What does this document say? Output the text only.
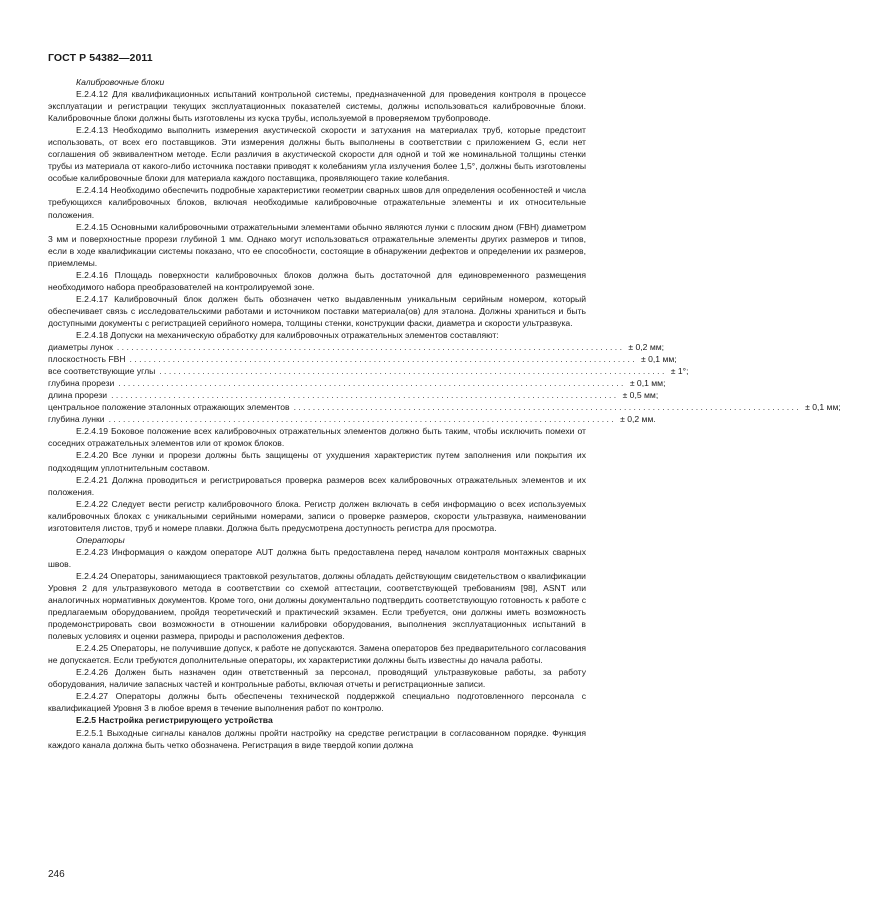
ГОСТ Р 54382—2011

Калибровочные блоки

Е.2.4.12 Для квалификационных испытаний контрольной системы, предназначенной для проведения контроля в процессе эксплуатации и регистрации текущих эксплуатационных показателей системы, должны использоваться калибровочные блоки. Калибровочные блоки должны быть изготовлены из куска трубы, используемой в проверяемом трубопроводе.

Е.2.4.13 Необходимо выполнить измерения акустической скорости и затухания на материалах труб, которые предстоит использовать, от всех его поставщиков. Эти измерения должны быть выполнены в соответствии с приложением G, если нет соглашения об эквивалентном методе. Если различия в акустической скорости для одной и той же номинальной толщины стенки трубы из материала от какого-либо источника поставки приводят к колебаниям угла излучения более 1,5°, должны быть изготовлены особые калибровочные блоки для материала каждого поставщика, проявляющего такие колебания.

Е.2.4.14 Необходимо обеспечить подробные характеристики геометрии сварных швов для определения особенностей и числа требующихся калибровочных блоков, включая необходимые калибровочные отражательные элементы и их относительные положения.

Е.2.4.15 Основными калибровочными отражательными элементами обычно являются лунки с плоским дном (FBH) диаметром 3 мм и поверхностные прорези глубиной 1 мм. Однако могут использоваться отражательные элементы других размеров и типов, если в ходе квалификации системы показано, что ее способности, состоящие в обнаружении дефектов и определении их размеров, приемлемы.

Е.2.4.16 Площадь поверхности калибровочных блоков должна быть достаточной для единовременного размещения необходимого набора преобразователей на контролируемой зоне.

Е.2.4.17 Калибровочный блок должен быть обозначен четко выдавленным уникальным серийным номером, который обеспечивает связь с исследовательскими работами и источником поставки материала(ов) для эталона. Должны храниться и быть доступными документы с регистрацией серийного номера, толщины стенки, конструкции фаски, диаметра и скорости ультразвука.

Е.2.4.18 Допуски на механическую обработку для калибровочных отражательных элементов составляют:

диаметры лунок .......................................................................................................... ± 0,2 мм;
плоскостность FBH .......................................................................................................... ± 0,1 мм;
все соответствующие углы .......................................................................................................... ± 1°;
глубина прорези .......................................................................................................... ± 0,1 мм;
длина прорези .......................................................................................................... ± 0,5 мм;
центральное положение эталонных отражающих элементов .......................................................................................................... ± 0,1 мм;
глубина лунки .......................................................................................................... ± 0,2 мм.

Е.2.4.19 Боковое положение всех калибровочных отражательных элементов должно быть таким, чтобы исключить помехи от соседних отражательных элементов или от кромок блоков.

Е.2.4.20 Все лунки и прорези должны быть защищены от ухудшения характеристик путем заполнения или покрытия их подходящим уплотнительным составом.

Е.2.4.21 Должна проводиться и регистрироваться проверка размеров всех калибровочных отражательных элементов и их положения.

Е.2.4.22 Следует вести регистр калибровочного блока. Регистр должен включать в себя информацию о всех используемых калибровочных блоках с уникальными серийными номерами, записи о проверке размеров, скорости ультразвука, наименовании изготовителя листов, труб и номере плавки. Должна быть предусмотрена доступность регистра для просмотра.

Операторы

Е.2.4.23 Информация о каждом операторе AUT должна быть предоставлена перед началом контроля монтажных сварных швов.

Е.2.4.24 Операторы, занимающиеся трактовкой результатов, должны обладать действующим свидетельством о квалификации Уровня 2 для ультразвукового метода в соответствии со схемой аттестации, соответствующей требованиям [98], ASNT или аналогичных нормативных документов. Кроме того, они должны документально подтвердить соответствующую готовность к работе с предлагаемым оборудованием, пройдя теоретический и практический экзамен. Если требуется, они должны иметь возможность продемонстрировать свои возможности в отношении калибровки оборудования, выполнения эксплуатационных испытаний в полевых условиях и оценки размера, природы и расположения дефектов.

Е.2.4.25 Операторы, не получившие допуск, к работе не допускаются. Замена операторов без предварительного согласования не допускается. Если требуются дополнительные операторы, их характеристики должны быть известны до начала работы.

Е.2.4.26 Должен быть назначен один ответственный за персонал, проводящий ультразвуковые работы, за работу оборудования, наличие запасных частей и контрольные работы, включая отчеты и регистрационные записи.

Е.2.4.27 Операторы должны быть обеспечены технической поддержкой специально подготовленного персонала с квалификацией Уровня 3 в любое время в течение выполнения работ по контролю.

Е.2.5 Настройка регистрирующего устройства

Е.2.5.1 Выходные сигналы каналов должны пройти настройку на средстве регистрации в согласованном порядке. Функция каждого канала должна быть четко обозначена. Регистрация в виде твердой копии должна

246
